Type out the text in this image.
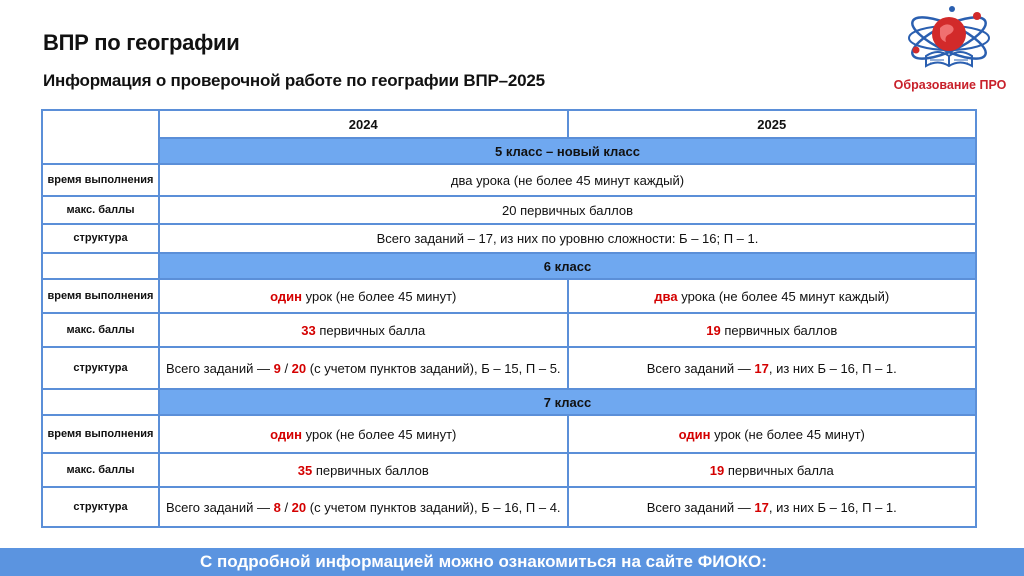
ВПР по географии
Информация о проверочной работе по географии ВПР–2025	Образование ПРО
	2024	2025
	5 класс – новый класс	
время выполнения	два урока (не более 45 минут каждый)	
макс. баллы	20 первичных баллов	
структура	Всего заданий – 17, из них по уровню сложности: Б – 16; П – 1.	
	6 класс	
время выполнения	один урок (не более 45 минут)	два урока (не более 45 минут каждый)
макс. баллы	33 первичных балла	19 первичных баллов
структура	Всего заданий — 9 / 20 (с учетом пунктов заданий), Б – 15, П – 5.	Всего заданий — 17, из них Б – 16, П – 1.
	7 класс	
время выполнения	один урок (не более 45 минут)	один урок (не более 45 минут)
макс. баллы	35 первичных баллов	19 первичных балла
структура	Всего заданий — 8 / 20 (с учетом пунктов заданий), Б – 16, П – 4.	Всего заданий — 17, из них Б – 16, П – 1.
С подробной информацией можно ознакомиться на сайте ФИОКО:
